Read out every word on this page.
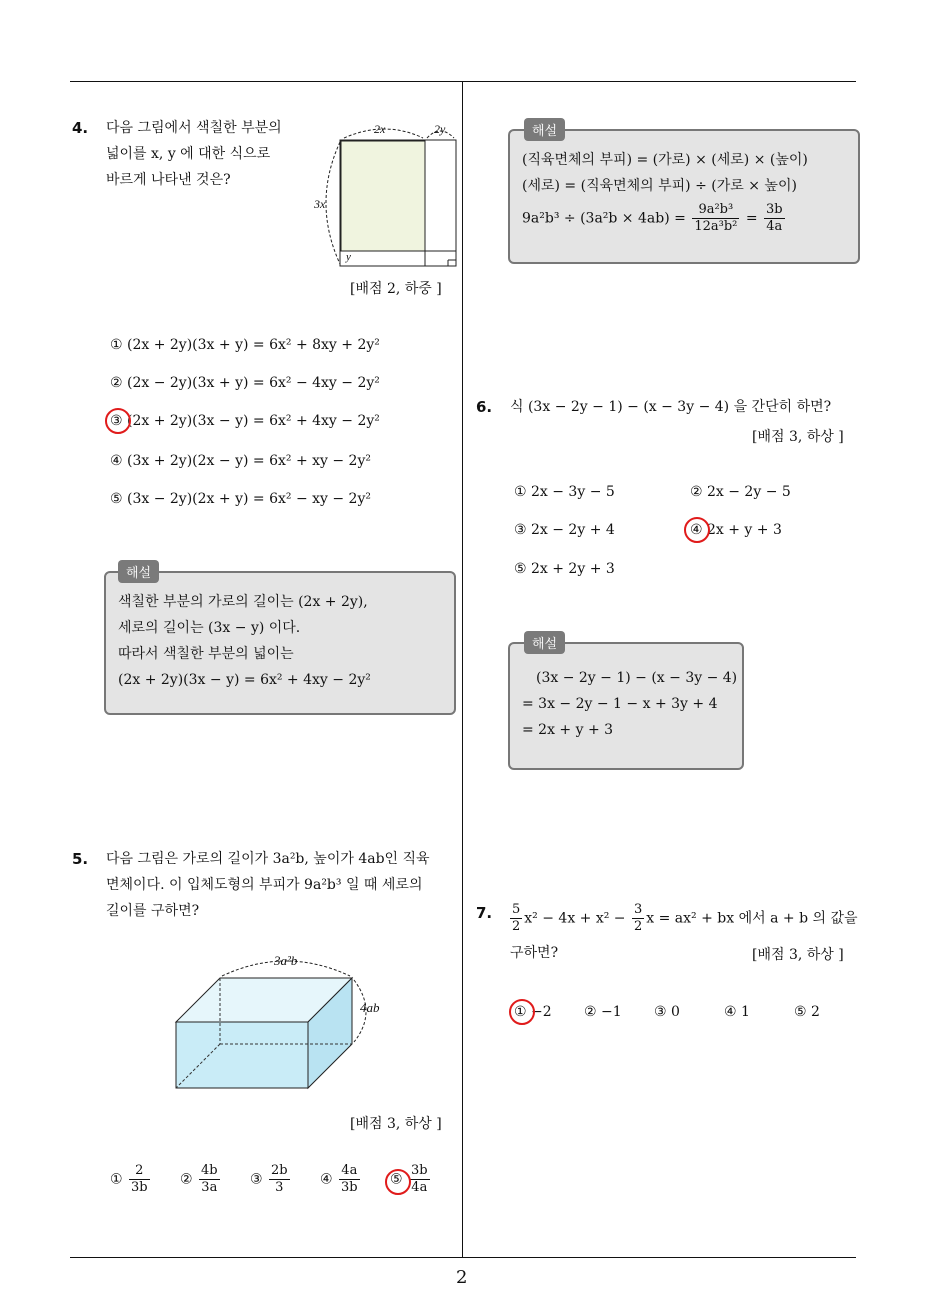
2
4. 다음 그림에서 색칠한 부분의
넓이를 x, y 에 대한 식으로
바르게 나타낸 것은?
2x	2y
3x
y
[배점 2, 하중 ]
① (2x + 2y)(3x + y) = 6x² + 8xy + 2y²
② (2x − 2y)(3x + y) = 6x² − 4xy − 2y²
③ (2x + 2y)(3x − y) = 6x² + 4xy − 2y²
④ (3x + 2y)(2x − y) = 6x² + xy − 2y²
⑤ (3x − 2y)(2x + y) = 6x² − xy − 2y²
해설
색칠한 부분의 가로의 길이는 (2x + 2y),
세로의 길이는 (3x − y) 이다.
따라서 색칠한 부분의 넓이는
(2x + 2y)(3x − y) = 6x² + 4xy − 2y²
5. 다음 그림은 가로의 길이가 3a²b, 높이가 4ab인 직육
면체이다. 이 입체도형의 부피가 9a²b³ 일 때 세로의
길이를 구하면?
3a²b
4ab
[배점 3, 하상 ]
① $\frac{2}{3b}$ ② $\frac{4b}{3a}$ ③ $\frac{2b}{3}$ ④ $\frac{4a}{3b}$ ⑤ $\frac{3b}{4a}$
해설
(직육면체의 부피) = (가로) × (세로) × (높이)
(세로) = (직육면체의 부피) ÷ (가로 × 높이)
$9a^2b^3 \div (3a^2b \times 4ab) = \frac{\text{9a²b³}}{\text{12a³b²}} = \frac{3b}{4a}$
6. 식 (3x − 2y − 1) − (x − 3y − 4) 을 간단히 하면?
[배점 3, 하상 ]
① 2x − 3y − 5	② 2x − 2y − 5
③ 2x − 2y + 4	④ 2x + y + 3
⑤ 2x + 2y + 3
해설
(3x − 2y − 1) − (x − 3y − 4)
= 3x − 2y − 1 − x + 3y + 4
= 2x + y + 3
7. $\frac{5}{2} x^2 - 4x + x^2 - \frac{3}{2}$ x = ax² + bx 에서 a + b 의 값을
구하면?	[배점 3, 하상 ]
① −2 ② −1 ③ 0	④ 1	⑤ 2
